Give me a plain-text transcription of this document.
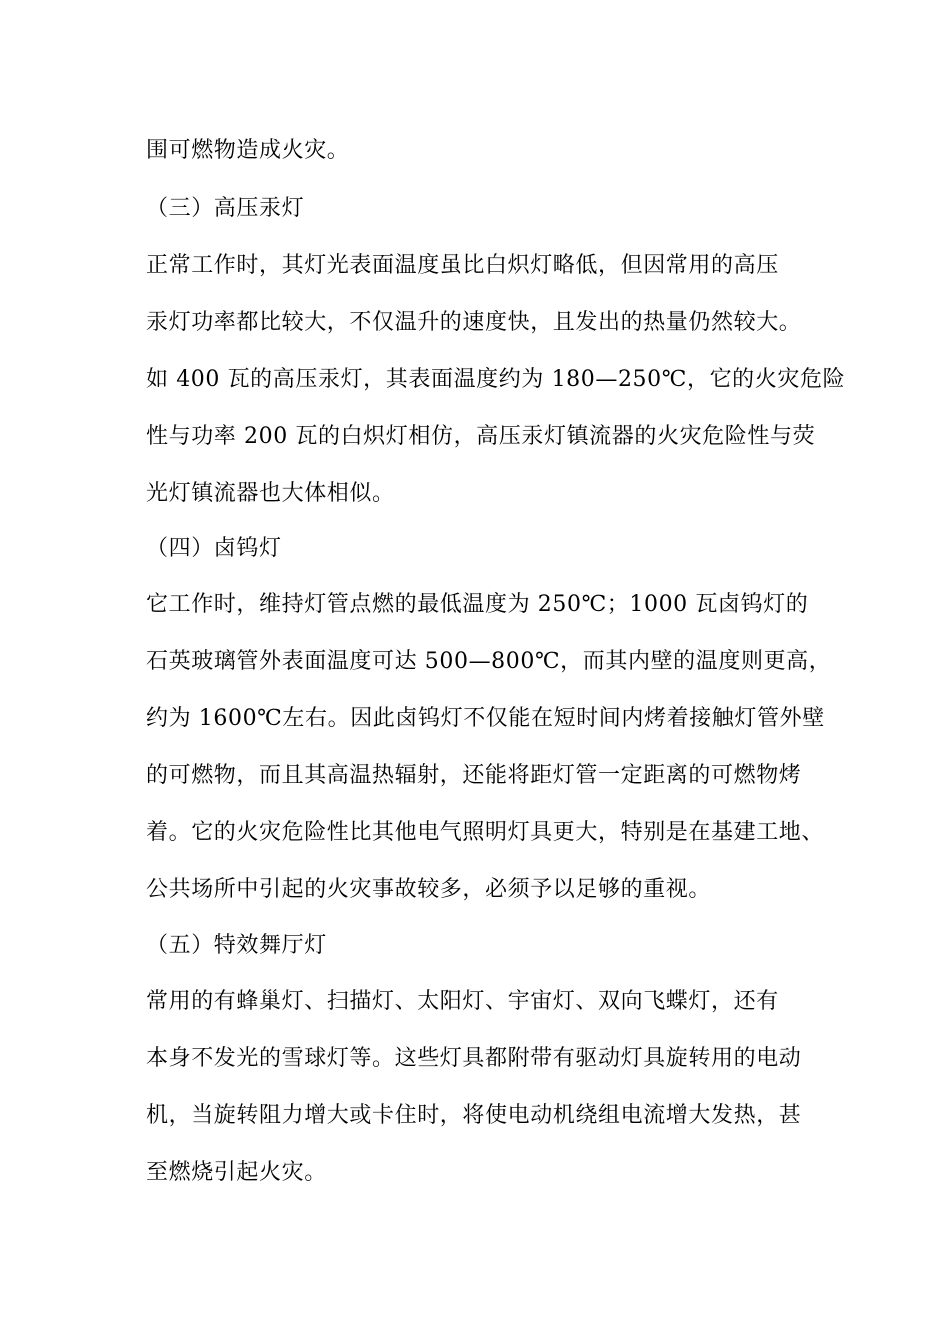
围可燃物造成火灾。
（三）高压汞灯
正常工作时，其灯光表面温度虽比白炽灯略低，但因常用的高压
汞灯功率都比较大，不仅温升的速度快，且发出的热量仍然较大。
如 400 瓦的高压汞灯，其表面温度约为 180—250℃，它的火灾危险
性与功率 200 瓦的白炽灯相仿，高压汞灯镇流器的火灾危险性与荧
光灯镇流器也大体相似。
（四）卤钨灯
它工作时，维持灯管点燃的最低温度为 250℃；1000 瓦卤钨灯的
石英玻璃管外表面温度可达 500—800℃，而其内壁的温度则更高，
约为 1600℃左右。因此卤钨灯不仅能在短时间内烤着接触灯管外壁
的可燃物，而且其高温热辐射，还能将距灯管一定距离的可燃物烤
着。它的火灾危险性比其他电气照明灯具更大，特别是在基建工地、
公共场所中引起的火灾事故较多，必须予以足够的重视。
（五）特效舞厅灯
常用的有蜂巢灯、扫描灯、太阳灯、宇宙灯、双向飞蝶灯，还有
本身不发光的雪球灯等。这些灯具都附带有驱动灯具旋转用的电动
机，当旋转阻力增大或卡住时，将使电动机绕组电流增大发热，甚
至燃烧引起火灾。
